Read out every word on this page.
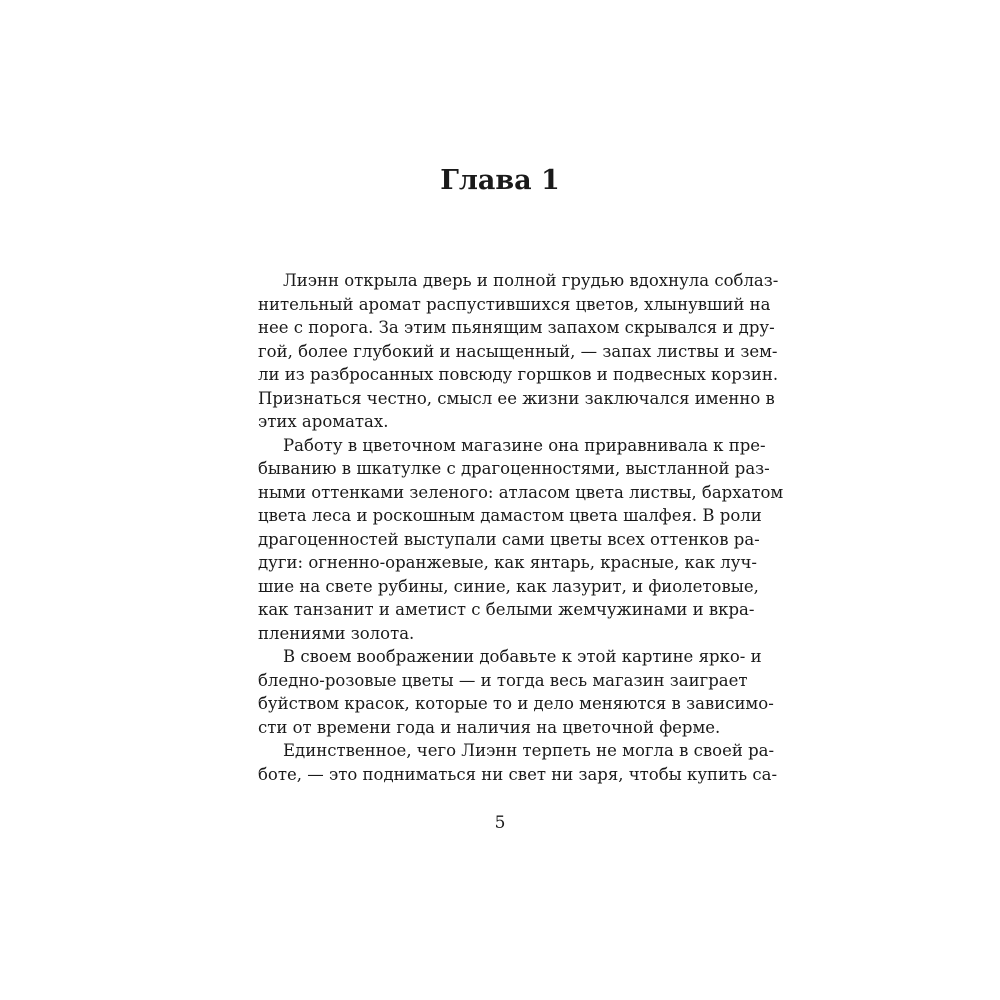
Глава 1
Лиэнн открыла дверь и полной грудью вдохнула соблаз-
нительный аромат распустившихся цветов, хлынувший на
нее с порога. За этим пьянящим запахом скрывался и дру-
гой, более глубокий и насыщенный, — запах листвы и зем-
ли из разбросанных повсюду горшков и подвесных корзин.
Признаться честно, смысл ее жизни заключался именно в
этих ароматах.
Работу в цветочном магазине она приравнивала к пре-
быванию в шкатулке с драгоценностями, выстланной раз-
ными оттенками зеленого: атласом цвета листвы, бархатом
цвета леса и роскошным дамастом цвета шалфея. В роли
драгоценностей выступали сами цветы всех оттенков ра-
дуги: огненно-оранжевые, как янтарь, красные, как луч-
шие на свете рубины, синие, как лазурит, и фиолетовые,
как танзанит и аметист с белыми жемчужинами и вкра-
плениями золота.
В своем воображении добавьте к этой картине ярко- и
бледно-розовые цветы — и тогда весь магазин заиграет
буйством красок, которые то и дело меняются в зависимо-
сти от времени года и наличия на цветочной ферме.
Единственное, чего Лиэнн терпеть не могла в своей ра-
боте, — это подниматься ни свет ни заря, чтобы купить са-
5
